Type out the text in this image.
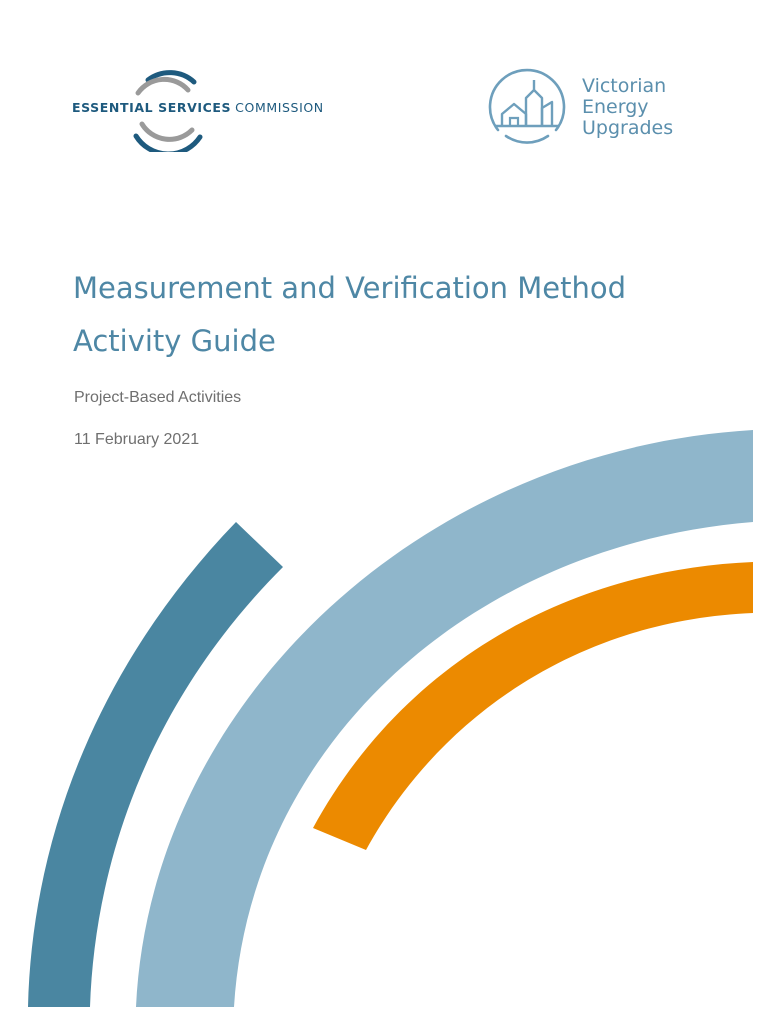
ESSENTIAL SERVICES COMMISSION
Victorian
Energy
Upgrades
Measurement and Verification Method
Activity Guide
Project-Based Activities
11 February 2021
